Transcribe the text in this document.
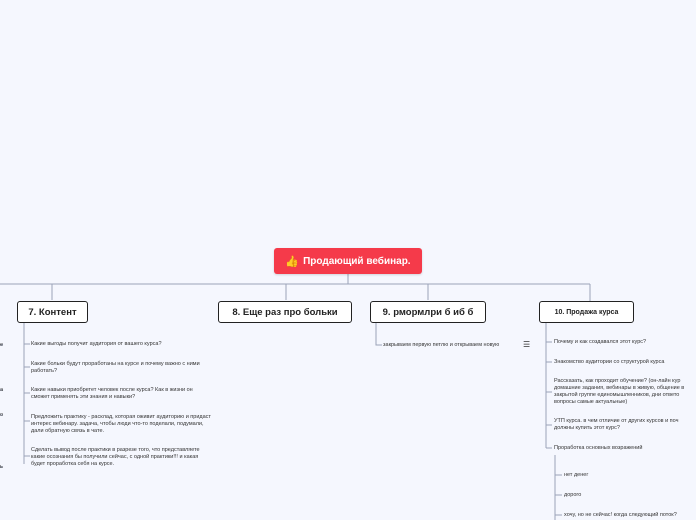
👍 Продающий вебинар.
7. Контент
Какие выгоды получит аудитория от вашего курса?
Какие больки будут проработаны на курсе и почему важно с ними работать?
Какие навыки приобретет человек после курса? Как в жизни он сможет применять эти знания и навыки?
Предложить практику - расклад, которая оживит аудиторию и придаст интерес вебинару. задача, чтобы люди что-то поделали, подумали, дали обратную связь в чате.
Сделать вывод после практики в разрезе того, что представляете какие осознания бы получили сейчас, с одной практики!!! и какая будет проработка себя на курсе.
8. Еще раз про больки	9. рмормлри б иб б
закрывaем первую петлю и открываем новую	☰
10. Продажа курса
Почему и как создавался этот курс?
Знакомство аудитории со структурой курса
Рассказать, как проходит обучение? (он-лайн кур домашние задания, вебинары в живую, общение в закрытой группе единомышленников, дни ответо вопросы самые актуальные)
УТП курса. в чем отличие от других курсов и поч должны купить этот курс?
Проработка основных возражений
нет денег
дорого
хочу, но не сейчас! когда следующий поток?
е
а
о
ь
